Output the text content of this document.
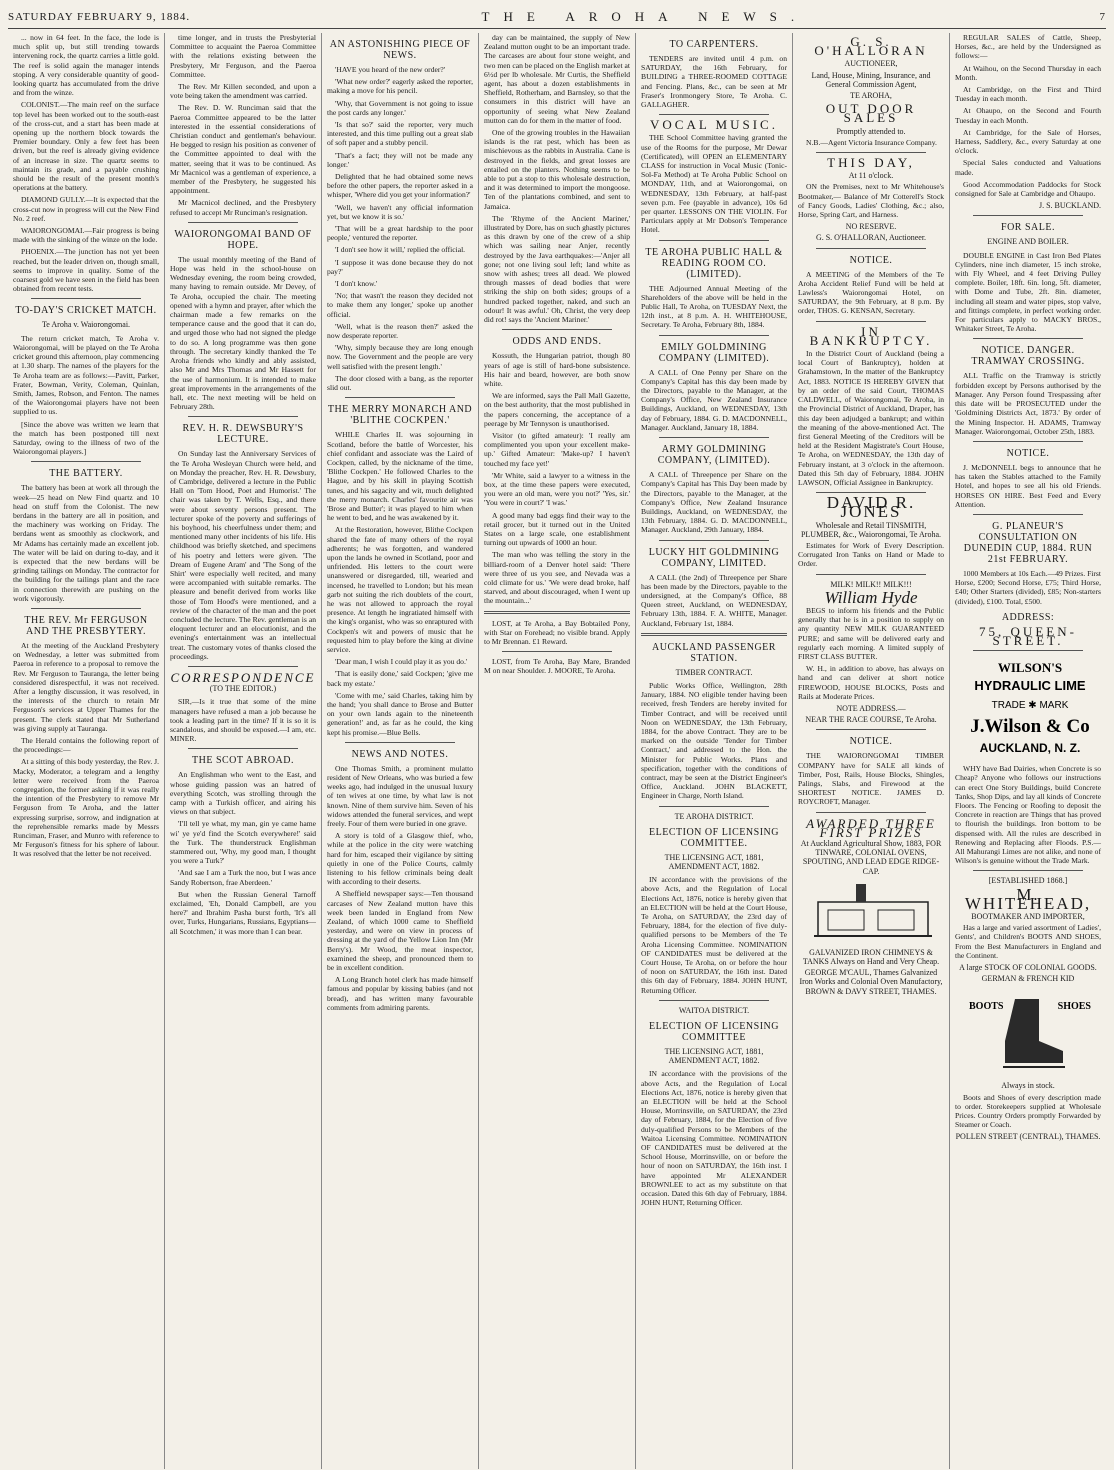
SATURDAY FEBRUARY 9, 1884.	THE AROHA NEWS.	7

... now in 64 feet. In the face, the lode is much split up, but still trending towards intervening rock, the quartz carries a little gold. The reef is solid again the manager intends stoping. A very considerable quantity of good-looking quartz has accumulated from the drive and from the winze.

COLONIST.—The main reef on the surface top level has been worked out to the south-east of the cross-cut, and a start has been made at opening up the northern block towards the Premier boundary. Only a few feet has been driven, but the reef is already giving evidence of an increase in size. The quartz seems to maintain its grade, and a payable crushing should be the result of the present month's operations at the battery.

DIAMOND GULLY.—It is expected that the cross-cut now in progress will cut the New Find No. 2 reef.

WAIORONGOMAI.—Fair progress is being made with the sinking of the winze on the lode.

PHOENIX.—The junction has not yet been reached, but the leader driven on, though small, seems to improve in quality. Some of the coarsest gold we have seen in the field has been obtained from recent tests.

TO-DAY'S CRICKET MATCH.
Te Aroha v. Waiorongomai.

The return cricket match, Te Aroha v. Waiorongomai, will be played on the Te Aroha cricket ground this afternoon, play commencing at 1.30 sharp. The names of the players for the Te Aroha team are as follows:—Pavitt, Parker, Frater, Bowman, Verity, Coleman, Quinlan, Smith, James, Robson, and Fenton. The names of the Waiorongomai players have not been supplied to us.

[Since the above was written we learn that the match has been postponed till next Saturday, owing to the illness of two of the Waiorongomai players.]

THE BATTERY.

The battery has been at work all through the week—25 head on New Find quartz and 10 head on stuff from the Colonist. The new berdans in the battery are all in position, and the machinery was working on Friday. The berdans went as smoothly as clockwork, and Mr Adams has certainly made an excellent job. The water will be laid on during to-day, and it is expected that the new berdans will be grinding tailings on Monday. The contractor for the building for the tailings plant and the race in connection therewith are pushing on the work vigorously.

THE REV. Mr FERGUSON AND THE PRESBYTERY.

At the meeting of the Auckland Presbytery on Wednesday, a letter was submitted from Paeroa in reference to a proposal to remove the Rev. Mr Ferguson to Tauranga, the letter being considered disrespectful, it was not received. After a lengthy discussion, it was resolved, in the interests of the church to retain Mr Ferguson's services at Upper Thames for the present. The clerk stated that Mr Sutherland was giving supply at Tauranga.

The Herald contains the following report of the proceedings:—

At a sitting of this body yesterday, the Rev. J. Macky, Moderator, a telegram and a lengthy letter were received from the Paeroa congregation, the former asking if it was really the intention of the Presbytery to remove Mr Ferguson from Te Aroha, and the latter expressing surprise, sorrow, and indignation at the reprehensible remarks made by Messrs Runciman, Fraser, and Munro with reference to Mr Ferguson's fitness for his sphere of labour. It was resolved that the letter be not received.

time longer, and in trusts the Presbyterial Committee to acquaint the Paeroa Committee with the relations existing between the Presbytery, Mr Ferguson, and the Paeroa Committee.

The Rev. Mr Killen seconded, and upon a vote being taken the amendment was carried.

The Rev. D. W. Runciman said that the Paeroa Committee appeared to be the latter interested in the essential considerations of Christian conduct and gentleman's behaviour. He begged to resign his position as convener of the Committee appointed to deal with the matter, seeing that it was to be continued. As Mr Macnicol was a gentleman of experience, a member of the Presbytery, he suggested his appointment.

Mr Macnicol declined, and the Presbytery refused to accept Mr Runciman's resignation.

WAIORONGOMAI BAND OF HOPE.

The usual monthly meeting of the Band of Hope was held in the school-house on Wednesday evening, the room being crowded, many having to remain outside. Mr Devey, of Te Aroha, occupied the chair. The meeting opened with a hymn and prayer, after which the chairman made a few remarks on the temperance cause and the good that it can do, and urged those who had not signed the pledge to do so. A long programme was then gone through. The secretary kindly thanked the Te Aroha friends who kindly and ably assisted, also Mr and Mrs Thomas and Mr Hassett for the use of harmonium. It is intended to make great improvements in the arrangements of the hall, etc. The next meeting will be held on February 28th.

REV. H. R. DEWSBURY'S LECTURE.

On Sunday last the Anniversary Services of the Te Aroha Wesleyan Church were held, and on Monday the preacher, Rev. H. R. Dewsbury, of Cambridge, delivered a lecture in the Public Hall on 'Tom Hood, Poet and Humorist.' The chair was taken by T. Wells, Esq., and there were about seventy persons present. The lecturer spoke of the poverty and sufferings of his boyhood, his cheerfulness under them; and mentioned many other incidents of his life. His childhood was briefly sketched, and specimens of his poetry and letters were given. 'The Dream of Eugene Aram' and 'The Song of the Shirt' were especially well recited, and many were accompanied with suitable remarks. The pleasure and benefit derived from works like those of Tom Hood's were mentioned, and a review of the character of the man and the poet concluded the lecture. The Rev. gentleman is an eloquent lecturer and an elocutionist, and the evening's entertainment was an intellectual treat. The customary votes of thanks closed the proceedings.

CORRESPONDENCE
(TO THE EDITOR.)

SIR,—Is it true that some of the mine managers have refused a man a job because he took a leading part in the time? If it is so it is scandalous, and should be exposed.—I am, etc. MINER.

THE SCOT ABROAD.

An Englishman who went to the East, and whose guiding passion was an hatred of everything Scotch, was strolling through the camp with a Turkish officer, and airing his views on that subject.

'I'll tell ye what, my man, gin ye came hame wi' ye ye'd find the Scotch everywhere!' said the Turk. The thunderstruck Englishman stammered out, 'Why, my good man, I thought you were a Turk?'

'And sae I am a Turk the noo, but I was ance Sandy Robertson, frae Aberdeen.'

But when the Russian General Tarnoff exclaimed, 'Eh, Donald Campbell, are you here?' and Ibrahim Pasha burst forth, 'It's all over, Turks, Hungarians, Russians, Egyptians—all Scotchmen,' it was more than I can bear.

AN ASTONISHING PIECE OF NEWS.

'HAVE you heard of the new order?'

'What new order?' eagerly asked the reporter, making a move for his pencil.

'Why, that Government is not going to issue the post cards any longer.'

'Is that so?' said the reporter, very much interested, and this time pulling out a great slab of soft paper and a stubby pencil.

'That's a fact; they will not be made any longer.'

Delighted that he had obtained some news before the other papers, the reporter asked in a whisper, 'Where did you get your information?'

'Well, we haven't any official information yet, but we know it is so.'

'That will be a great hardship to the poor people,' ventured the reporter.

'I don't see how it will,' replied the official.

'I suppose it was done because they do not pay?'

'I don't know.'

'No; that wasn't the reason they decided not to make them any longer,' spoke up another official.

'Well, what is the reason then?' asked the now desperate reporter.

'Why, simply because they are long enough now. The Government and the people are very well satisfied with the present length.'

The door closed with a bang, as the reporter slid out.

THE MERRY MONARCH AND 'BLITHE COCKPEN.'

WHILE Charles II. was sojourning in Scotland, before the battle of Worcester, his chief confidant and associate was the Laird of Cockpen, called, by the nickname of the time, 'Blithe Cockpen.' He followed Charles to the Hague, and by his skill in playing Scottish tunes, and his sagacity and wit, much delighted the merry monarch. Charles' favourite air was 'Brose and Butter'; it was played to him when he went to bed, and he was awakened by it.

At the Restoration, however, Blithe Cockpen shared the fate of many others of the royal adherents; he was forgotten, and wandered upon the lands he owned in Scotland, poor and unfriended. His letters to the court were unanswered or disregarded, till, wearied and incensed, he travelled to London; but his mean garb not suiting the rich doublets of the court, he was not allowed to approach the royal presence. At length he ingratiated himself with the king's organist, who was so enraptured with Cockpen's wit and powers of music that he requested him to play before the king at divine service.

'Dear man, I wish I could play it as you do.'

'That is easily done,' said Cockpen; 'give me back my estate.'

'Come with me,' said Charles, taking him by the hand; 'you shall dance to Brose and Butter on your own lands again to the nineteenth generation!' and, as far as he could, the king kept his promise.—Blue Bells.

NEWS AND NOTES.

One Thomas Smith, a prominent mulatto resident of New Orleans, who was buried a few weeks ago, had indulged in the unusual luxury of ten wives at one time, by what law is not known. Nine of them survive him. Seven of his widows attended the funeral services, and wept freely. Four of them were buried in one grave.

A story is told of a Glasgow thief, who, while at the police in the city were watching hard for him, escaped their vigilance by sitting quietly in one of the Police Courts, calmly listening to his fellow criminals being dealt with according to their deserts.

A Sheffield newspaper says:—Ten thousand carcases of New Zealand mutton have this week been landed in England from New Zealand, of which 1000 came to Sheffield yesterday, and were on view in process of dressing at the yard of the Yellow Lion Inn (Mr Berry's). Mr Wood, the meat inspector, examined the sheep, and pronounced them to be in excellent condition.

A Long Branch hotel clerk has made himself famous and popular by kissing babies (and not bread), and has written many favourable comments from admiring parents.

day can be maintained, the supply of New Zealand mutton ought to be an important trade. The carcases are about four stone weight, and two men can be placed on the English market at 6½d per lb wholesale. Mr Curtis, the Sheffield agent, has about a dozen establishments in Sheffield, Rotherham, and Barnsley, so that the consumers in this district will have an opportunity of seeing what New Zealand mutton can do for them in the matter of food.

One of the growing troubles in the Hawaiian islands is the rat pest, which has been as mischievous as the rabbits in Australia. Cane is destroyed in the fields, and great losses are entailed on the planters. Nothing seems to be able to put a stop to this wholesale destruction, and it was determined to import the mongoose. Ten of the plantations combined, and sent to Jamaica.

The 'Rhyme of the Ancient Mariner,' illustrated by Dore, has on such ghastly pictures as this drawn by one of the crew of a ship which was sailing near Anjer, recently destroyed by the Java earthquakes:—'Anjer all gone; not one living soul left; land white as snow with ashes; trees all dead. We plowed through masses of dead bodies that were striking the ship on both sides; groups of a hundred packed together, naked, and such an odour! It was awful.' Oh, Christ, the very deep did rot! says the 'Ancient Mariner.'

ODDS AND ENDS.

Kossuth, the Hungarian patriot, though 80 years of age is still of hard-bone subsistence. His hair and beard, however, are both snow white.

We are informed, says the Pall Mall Gazette, on the best authority, that the most published in the papers concerning, the acceptance of a peerage by Mr Tennyson is unauthorised.

Visitor (to gifted amateur): 'I really am complimented you upon your excellent make-up.' Gifted Amateur: 'Make-up? I haven't touched my face yet!'

'Mr White, said a lawyer to a witness in the box, at the time these papers were executed, you were an old man, were you not?' 'Yes, sir.' 'You were in court?' 'I was.'

A good many bad eggs find their way to the retail grocer, but it turned out in the United States on a large scale, one establishment turning out upwards of 1000 an hour.

The man who was telling the story in the billiard-room of a Denver hotel said: 'There were three of us you see, and Nevada was a cold climate for us.' 'We were dead broke, half starved, and about discouraged, when I went up the mountain...'

LOST, at Te Aroha, a Bay Bobtailed Pony, with Star on Forehead; no visible brand. Apply to Mr Brennan. £1 Reward.

LOST, from Te Aroha, Bay Mare, Branded M on near Shoulder. J. MOORE, Te Aroha.

TO CARPENTERS.

TENDERS are invited until 4 p.m. on SATURDAY, the 16th February, for BUILDING a THREE-ROOMED COTTAGE and Fencing. Plans, &c., can be seen at Mr Fraser's Ironmongery Store, Te Aroha. C. GALLAGHER.

VOCAL MUSIC.

THE School Committee having granted the use of the Rooms for the purpose, Mr Dewar (Certificated), will OPEN an ELEMENTARY CLASS for instruction in Vocal Music (Tonic-Sol-Fa Method) at Te Aroha Public School on MONDAY, 11th, and at Waiorongomai, on WEDNESDAY, 13th February, at half-past seven p.m. Fee (payable in advance), 10s 6d per quarter. LESSONS ON THE VIOLIN. For Particulars apply at Mr Dobson's Temperance Hotel.

TE AROHA PUBLIC HALL & READING ROOM CO. (LIMITED).

THE Adjourned Annual Meeting of the Shareholders of the above will be held in the Public Hall, Te Aroha, on TUESDAY Next, the 12th inst., at 8 p.m. A. H. WHITEHOUSE, Secretary. Te Aroha, February 8th, 1884.

EMILY GOLDMINING COMPANY (LIMITED).

A CALL of One Penny per Share on the Company's Capital has this day been made by the Directors, payable to the Manager, at the Company's Office, New Zealand Insurance Buildings, Auckland, on WEDNESDAY, 13th day of February, 1884. G. D. MACDONNELL, Manager. Auckland, January 18, 1884.

ARMY GOLDMINING COMPANY, (LIMITED).

A CALL of Threepence per Share on the Company's Capital has This Day been made by the Directors, payable to the Manager, at the Company's Office, New Zealand Insurance Buildings, Auckland, on WEDNESDAY, the 13th February, 1884. G. D. MACDONNELL, Manager. Auckland, 29th January, 1884.

LUCKY HIT GOLDMINING COMPANY, LIMITED.

A CALL (the 2nd) of Threepence per Share has been made by the Directors, payable to the undersigned, at the Company's Office, 88 Queen street, Auckland, on WEDNESDAY, February 13th, 1884. F. A. WHITE, Manager. Auckland, February 1st, 1884.

AUCKLAND PASSENGER STATION.
TIMBER CONTRACT.

Public Works Office, Wellington, 28th January, 1884. NO eligible tender having been received, fresh Tenders are hereby invited for Timber Contract, and will be received until Noon on WEDNESDAY, the 13th February, 1884, for the above Contract. They are to be marked on the outside 'Tender for Timber Contract,' and addressed to the Hon. the Minister for Public Works. Plans and specification, together with the conditions of contract, may be seen at the District Engineer's Office, Auckland. JOHN BLACKETT, Engineer in Charge, North Island.

TE AROHA DISTRICT.
ELECTION OF LICENSING COMMITTEE.
THE LICENSING ACT, 1881, AMENDMENT ACT, 1882.

IN accordance with the provisions of the above Acts, and the Regulation of Local Elections Act, 1876, notice is hereby given that an ELECTION will be held at the Court House, Te Aroha, on SATURDAY, the 23rd day of February, 1884, for the election of five duly-qualified persons to be Members of the Te Aroha Licensing Committee. NOMINATION OF CANDIDATES must be delivered at the Court House, Te Aroha, on or before the hour of noon on SATURDAY, the 16th inst. Dated this 6th day of February, 1884. JOHN HUNT, Returning Officer.

WAITOA DISTRICT.
ELECTION OF LICENSING COMMITTEE
THE LICENSING ACT, 1881, AMENDMENT ACT, 1882.

IN accordance with the provisions of the above Acts, and the Regulation of Local Elections Act, 1876, notice is hereby given that an ELECTION will be held at the School House, Morrinsville, on SATURDAY, the 23rd day of February, 1884, for the Election of five duly-qualified Persons to be Members of the Waitoa Licensing Committee. NOMINATION OF CANDIDATES must be delivered at the School House, Morrinsville, on or before the hour of noon on SATURDAY, the 16th inst. I have appointed Mr ALEXANDER BROWNLEE to act as my substitute on that occasion. Dated this 6th day of February, 1884. JOHN HUNT, Returning Officer.

G. S. O'HALLORAN
AUCTIONEER,
Land, House, Mining, Insurance, and General Commission Agent,
TE AROHA,
OUT DOOR SALES
Promptly attended to.

N.B.—Agent Victoria Insurance Company.

THIS DAY,
At 11 o'clock.

ON the Premises, next to Mr Whitehouse's Bootmaker,— Balance of Mr Cotterell's Stock of Fancy Goods, Ladies' Clothing, &c.; also, Horse, Spring Cart, and Harness.

NO RESERVE.
G. S. O'HALLORAN, Auctioneer.
NOTICE.

A MEETING of the Members of the Te Aroha Accident Relief Fund will be held at Lawless's Waiorongomai Hotel, on SATURDAY, the 9th February, at 8 p.m. By order, THOS. G. KENSAN, Secretary.

IN BANKRUPTCY.

In the District Court of Auckland (being a local Court of Bankruptcy), holden at Grahamstown, In the matter of the Bankruptcy Act, 1883. NOTICE IS HEREBY GIVEN that by an order of the said Court, THOMAS CALDWELL, of Waiorongomai, Te Aroha, in the Provincial District of Auckland, Draper, has this day been adjudged a bankrupt; and within the meaning of the above-mentioned Act. The first General Meeting of the Creditors will be held at the Resident Magistrate's Court House, Te Aroha, on WEDNESDAY, the 13th day of February instant, at 3 o'clock in the afternoon. Dated this 5th day of February, 1884. JOHN LAWSON, Official Assignee in Bankruptcy.

DAVID R. JONES
Wholesale and Retail TINSMITH, PLUMBER, &c., Waiorongomai, Te Aroha.

Estimates for Work of Every Description. Corrugated Iron Tanks on Hand or Made to Order.

MILK! MILK!! MILK!!!
William Hyde

BEGS to inform his friends and the Public generally that he is in a position to supply on any quantity NEW MILK GUARANTEED PURE; and same will be delivered early and regularly each morning. A limited supply of FIRST CLASS BUTTER.

W. H., in addition to above, has always on hand and can deliver at short notice FIREWOOD, HOUSE BLOCKS, Posts and Rails at Moderate Prices.

NOTE ADDRESS.—
NEAR THE RACE COURSE, Te Aroha.
NOTICE.

THE WAIORONGOMAI TIMBER COMPANY have for SALE all kinds of Timber, Post, Rails, House Blocks, Shingles, Palings, Slabs, and Firewood at the SHORTEST NOTICE. JAMES D. ROYCROFT, Manager.

AWARDED THREE FIRST PRIZES
At Auckland Agricultural Show, 1883, FOR TINWARE, COLONIAL OVENS, SPOUTING, AND LEAD EDGE RIDGE-CAP.
GALVANIZED IRON CHIMNEYS & TANKS Always on Hand and Very Cheap.
GEORGE M'CAUL, Thames Galvanized Iron Works and Colonial Oven Manufactory, BROWN & DAVY STREET, THAMES.

REGULAR SALES of Cattle, Sheep, Horses, &c., are held by the Undersigned as follows:—

At Waihou, on the Second Thursday in each Month.

At Cambridge, on the First and Third Tuesday in each month.

At Ohaupo, on the Second and Fourth Tuesday in each Month.

At Cambridge, for the Sale of Horses, Harness, Saddlery, &c., every Saturday at one o'clock.

Special Sales conducted and Valuations made.

Good Accommodation Paddocks for Stock consigned for Sale at Cambridge and Ohaupo.

J. S. BUCKLAND.
FOR SALE.
ENGINE AND BOILER.

DOUBLE ENGINE in Cast Iron Bed Plates Cylinders, nine inch diameter, 15 inch stroke, with Fly Wheel, and 4 feet Driving Pulley complete. Boiler, 18ft. 6in. long, 5ft. diameter, with Dome and Tube, 2ft. 8in. diameter, including all steam and water pipes, stop valve, and fittings complete, in perfect working order. For particulars apply to MACKY BROS., Whitaker Street, Te Aroha.

NOTICE. DANGER. TRAMWAY CROSSING.

ALL Traffic on the Tramway is strictly forbidden except by Persons authorised by the Manager. Any Person found Trespassing after this date will be PROSECUTED under the 'Goldmining Districts Act, 1873.' By order of the Mining Inspector. H. ADAMS, Tramway Manager. Waiorongomai, October 25th, 1883.

NOTICE.

J. McDONNELL begs to announce that he has taken the Stables attached to the Family Hotel, and hopes to see all his old Friends. HORSES ON HIRE. Best Feed and Every Attention.

G. PLANEUR'S CONSULTATION ON DUNEDIN CUP, 1884. RUN 21st FEBRUARY.

1000 Members at 10s Each.—49 Prizes. First Horse, £200; Second Horse, £75; Third Horse, £40; Other Starters (divided), £85; Non-starters (divided), £100. Total, £500.

ADDRESS:
75, QUEEN-STREET.
WILSON'S
HYDRAULIC LIME
TRADE ✱ MARK
J.Wilson & Co
AUCKLAND, N. Z.

WHY have Bad Dairies, when Concrete is so Cheap? Anyone who follows our instructions can erect One Story Buildings, build Concrete Tanks, Shop Dips, and lay all kinds of Concrete Floors. The Fencing or Roofing to deposit the Concrete in reaction are Things that has proved to flourish the buildings. Iron bottom to be dispensed with. All the rules are described in Renewing and Replacing after Floods. P.S.—All Mahurangi Limes are not alike, and none of Wilson's is genuine without the Trade Mark.

[ESTABLISHED 1868.]
M. WHITEHEAD,
BOOTMAKER AND IMPORTER,

Has a large and varied assortment of Ladies', Gents', and Children's BOOTS AND SHOES, From the Best Manufacturers in England and the Continent.

A large STOCK OF COLONIAL GOODS.
GERMAN & FRENCH KID
BOOTS	SHOES
Always in stock.

Boots and Shoes of every description made to order. Storekeepers supplied at Wholesale Prices. Country Orders promptly Forwarded by Steamer or Coach.

POLLEN STREET (CENTRAL), THAMES.
